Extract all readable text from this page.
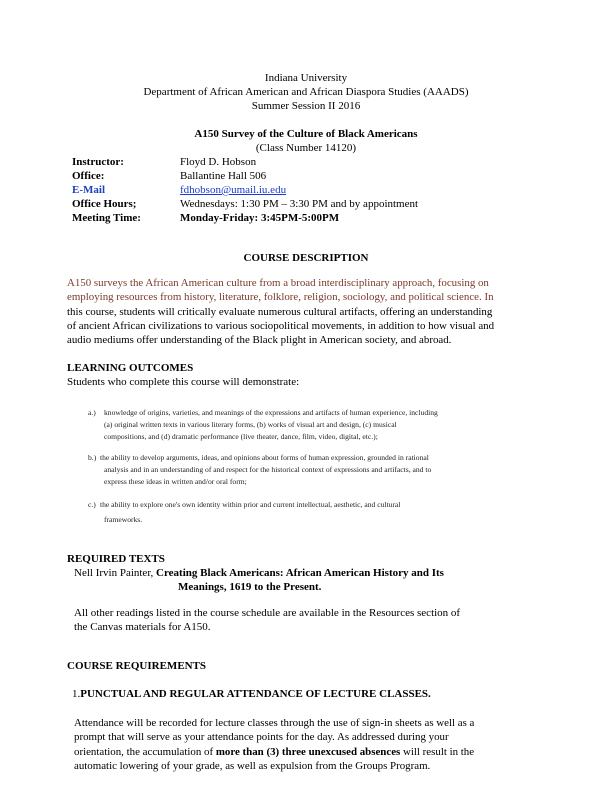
Indiana University
Department of African American and African Diaspora Studies (AAADS)
Summer Session II 2016
A150 Survey of the Culture of Black Americans
(Class Number 14120)
Instructor:	Floyd D. Hobson
Office:	Ballantine Hall 506
E-Mail	fdhobson@umail.iu.edu
Office Hours;	Wednesdays: 1:30 PM – 3:30 PM and by appointment
Meeting Time:	Monday-Friday: 3:45PM-5:00PM
COURSE DESCRIPTION
A150 surveys the African American culture from a broad interdisciplinary approach, focusing on
employing resources from history, literature, folklore, religion, sociology, and political science. In
this course, students will critically evaluate numerous cultural artifacts, offering an understanding
of ancient African civilizations to various sociopolitical movements, in addition to how visual and
audio mediums offer understanding of the Black plight in American society, and abroad.
LEARNING OUTCOMES
Students who complete this course will demonstrate:
a.) knowledge of origins, varieties, and meanings of the expressions and artifacts of human experience, including
(a) original written texts in various literary forms, (b) works of visual art and design, (c) musical
compositions, and (d) dramatic performance (live theater, dance, film, video, digital, etc.);
b.) the ability to develop arguments, ideas, and opinions about forms of human expression, grounded in rational
analysis and in an understanding of and respect for the historical context of expressions and artifacts, and to
express these ideas in written and/or oral form;
c.) the ability to explore one's own identity within prior and current intellectual, aesthetic, and cultural
frameworks.
REQUIRED TEXTS
Nell Irvin Painter, Creating Black Americans: African American History and Its
Meanings, 1619 to the Present.
All other readings listed in the course schedule are available in the Resources section of
the Canvas materials for A150.
COURSE REQUIREMENTS
1.PUNCTUAL AND REGULAR ATTENDANCE OF LECTURE CLASSES.
Attendance will be recorded for lecture classes through the use of sign-in sheets as well as a
prompt that will serve as your attendance points for the day. As addressed during your
orientation, the accumulation of more than (3) three unexcused absences will result in the
automatic lowering of your grade, as well as expulsion from the Groups Program.
